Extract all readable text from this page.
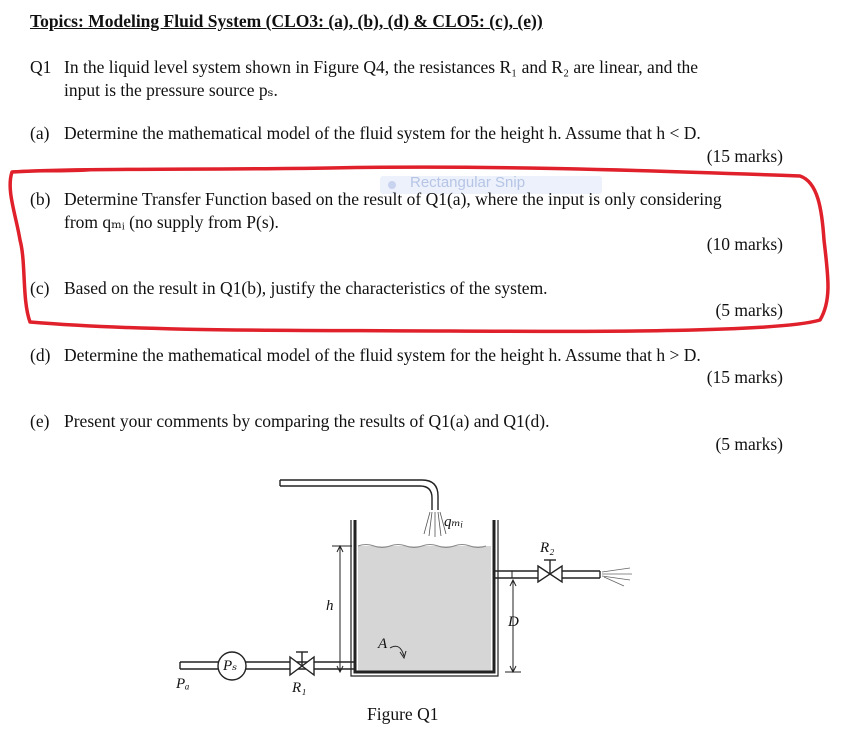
Topics: Modeling Fluid System (CLO3: (a), (b), (d) & CLO5: (c), (e))
Q1 In the liquid level system shown in Figure Q4, the resistances R₁ and R₂ are linear, and the
input is the pressure source pₛ.
(a) Determine the mathematical model of the fluid system for the height h. Assume that h < D.
(15 marks)
Rectangular Snip
(b) Determine Transfer Function based on the result of Q1(a), where the input is only considering
from qₘᵢ (no supply from P(s).
(10 marks)
(c) Based on the result in Q1(b), justify the characteristics of the system.
(5 marks)
(d) Determine the mathematical model of the fluid system for the height h. Assume that h > D.
(15 marks)
(e) Present your comments by comparing the results of Q1(a) and Q1(d).
(5 marks)
qₘᵢ
R₂
h
D
A
Pₛ
Pₐ	R₁
Figure Q1
